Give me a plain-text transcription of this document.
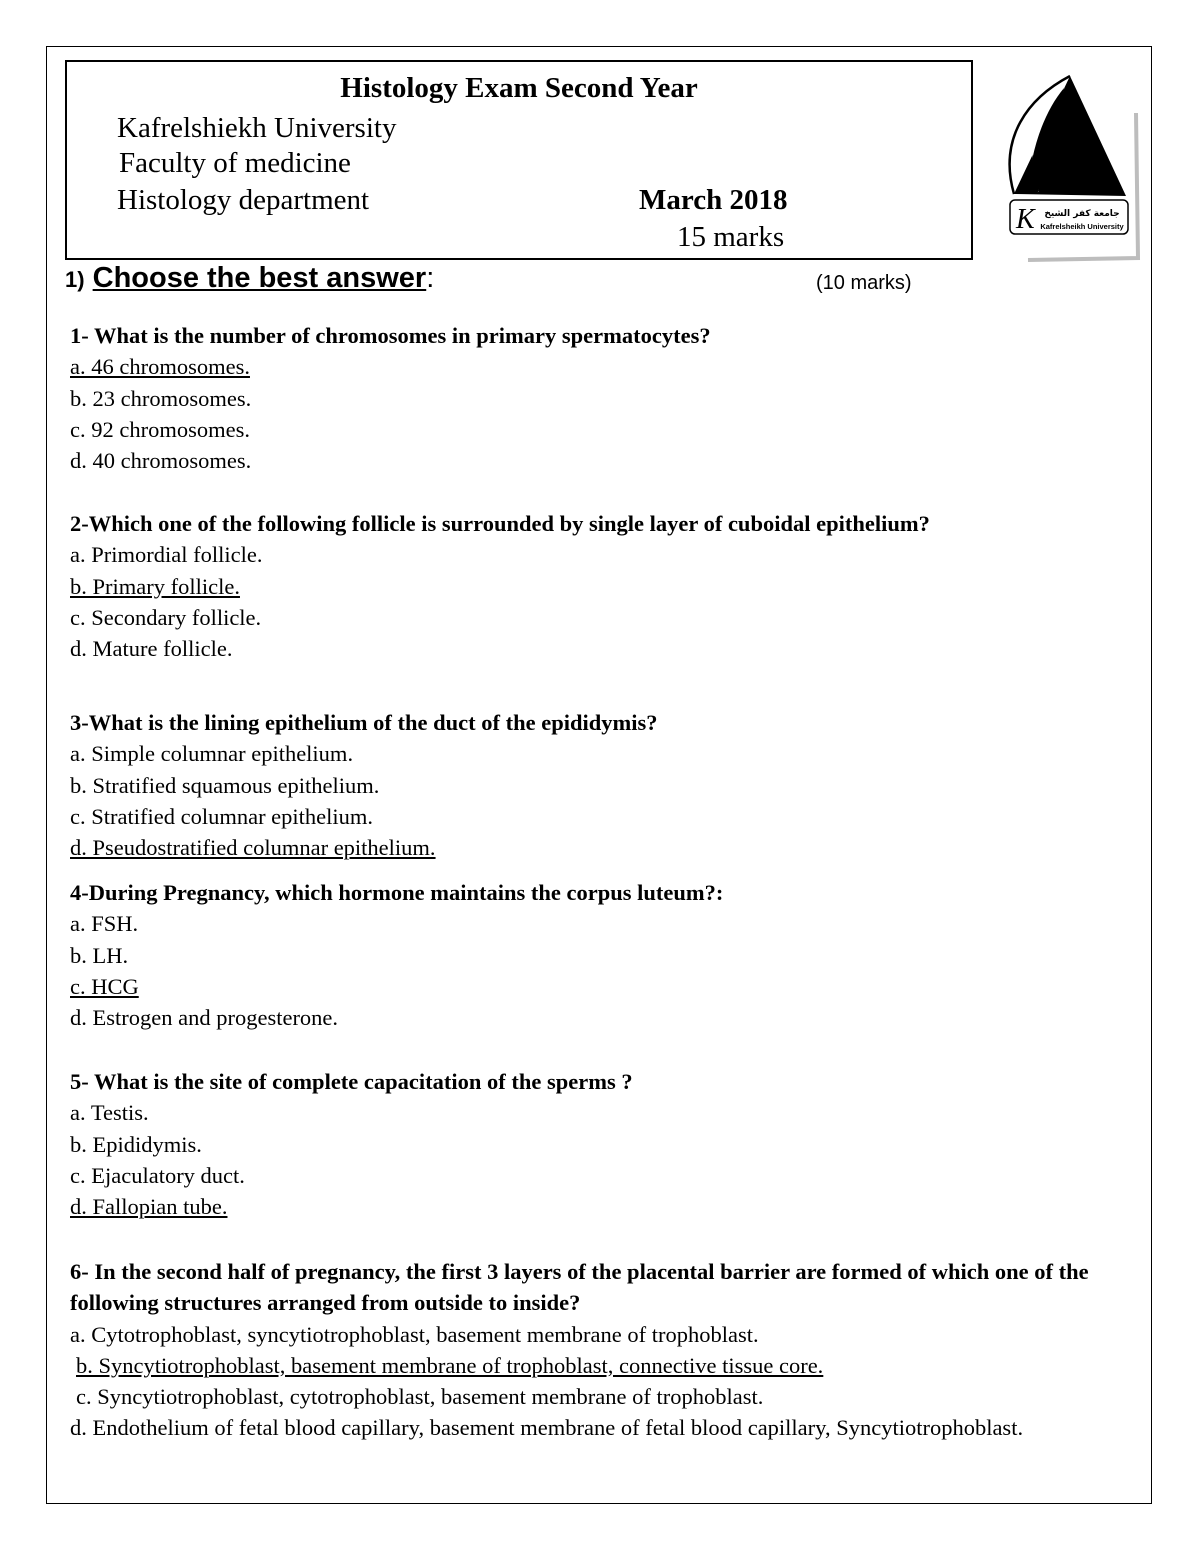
Histology Exam Second Year
Kafrelshiekh University
Faculty of medicine
Histology department	March 2018
15 marks
K جامعة كفر الشيخ
Kafrelsheikh University
1) Choose the best answer:	(10 marks)
1- What is the number of chromosomes in primary spermatocytes?
a. 46 chromosomes.
b. 23 chromosomes.
c. 92 chromosomes.
d. 40 chromosomes.
2-Which one of the following follicle is surrounded by single layer of cuboidal epithelium?
a. Primordial follicle.
b. Primary follicle.
c. Secondary follicle.
d. Mature follicle.
3-What is the lining epithelium of the duct of the epididymis?
a. Simple columnar epithelium.
b. Stratified squamous epithelium.
c. Stratified columnar epithelium.
d. Pseudostratified columnar epithelium.
4-During Pregnancy, which hormone maintains the corpus luteum?:
a. FSH.
b. LH.
c. HCG
d. Estrogen and progesterone.
5- What is the site of complete capacitation of the sperms ?
a. Testis.
b. Epididymis.
c. Ejaculatory duct.
d. Fallopian tube.
6- In the second half of pregnancy, the first 3 layers of the placental barrier are formed of which one of the following structures arranged from outside to inside?
a. Cytotrophoblast, syncytiotrophoblast, basement membrane of trophoblast.
b. Syncytiotrophoblast, basement membrane of trophoblast, connective tissue core.
c. Syncytiotrophoblast, cytotrophoblast, basement membrane of trophoblast.
d. Endothelium of fetal blood capillary, basement membrane of fetal blood capillary, Syncytiotrophoblast.
